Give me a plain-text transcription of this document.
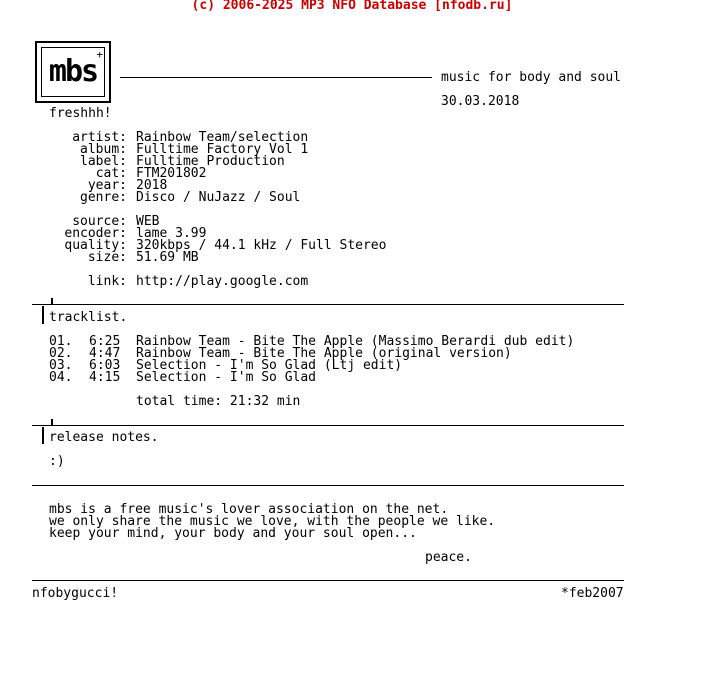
(c) 2006-2025 MP3 NFO Database [nfodb.ru]
mbs +
music for body and soul
30.03.2018
freshhh!
artist: Rainbow Team/selection
album: Fulltime Factory Vol 1
label: Fulltime Production
cat: FTM201802
year: 2018
genre: Disco / NuJazz / Soul
source: WEB
encoder: lame 3.99
quality: 320kbps / 44.1 kHz / Full Stereo
size: 51.69 MB
link: http://play.google.com
tracklist.
01. 6:25 Rainbow Team - Bite The Apple (Massimo Berardi dub edit)
02. 4:47 Rainbow Team - Bite The Apple (original version)
03. 6:03 Selection - I'm So Glad (Ltj edit)
04. 4:15 Selection - I'm So Glad
total time: 21:32 min
release notes.
:)
mbs is a free music's lover association on the net.
we only share the music we love, with the people we like.
keep your mind, your body and your soul open...
peace.
nfobygucci!	*feb2007
